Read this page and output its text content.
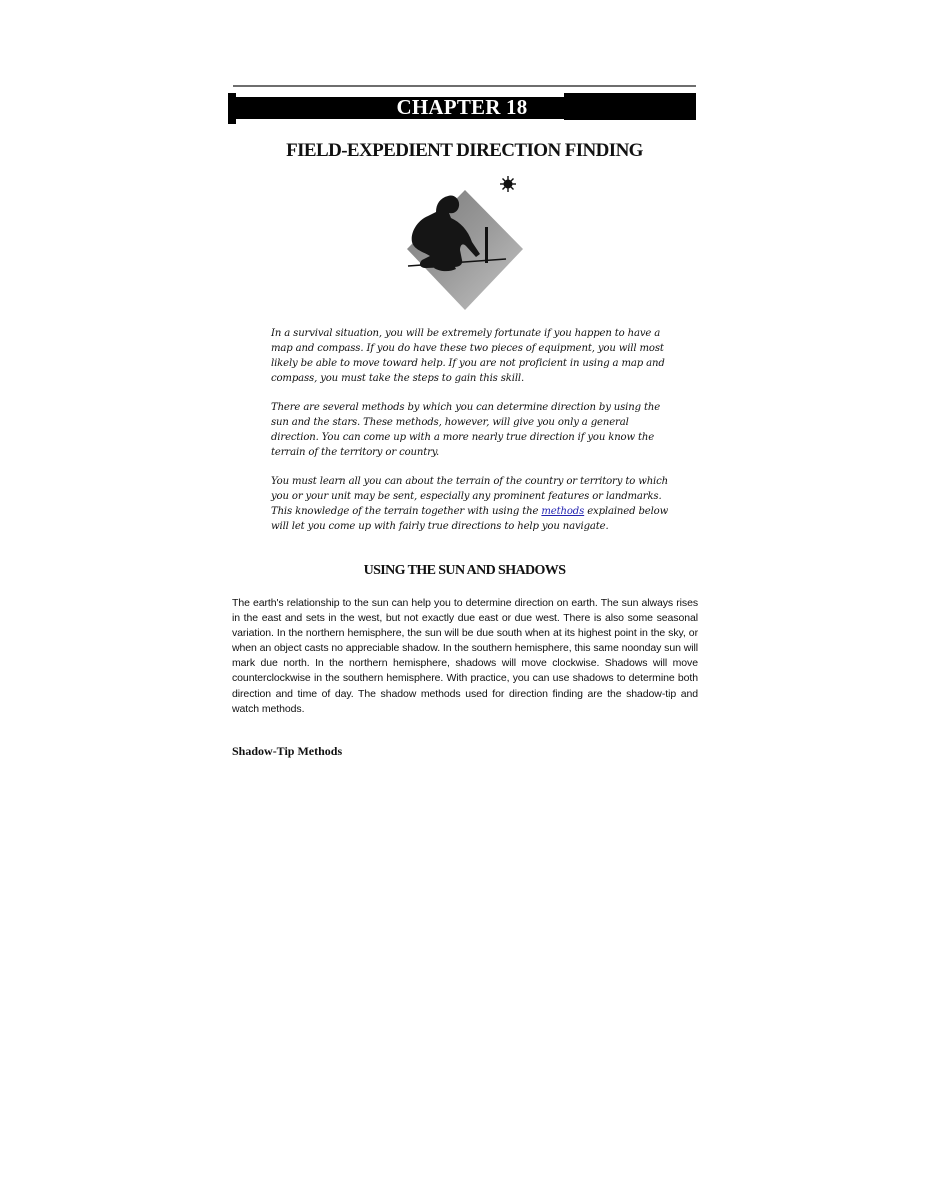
CHAPTER 18
FIELD-EXPEDIENT DIRECTION FINDING

In a survival situation, you will be extremely fortunate if you happen to have a map and compass. If you do have these two pieces of equipment, you will most likely be able to move toward help. If you are not proficient in using a map and compass, you must take the steps to gain this skill.

There are several methods by which you can determine direction by using the sun and the stars. These methods, however, will give you only a general direction. You can come up with a more nearly true direction if you know the terrain of the territory or country.

You must learn all you can about the terrain of the country or territory to which you or your unit may be sent, especially any prominent features or landmarks. This knowledge of the terrain together with using the methods explained below will let you come up with fairly true directions to help you navigate.

USING THE SUN AND SHADOWS

The earth's relationship to the sun can help you to determine direction on earth. The sun always rises in the east and sets in the west, but not exactly due east or due west. There is also some seasonal variation. In the northern hemisphere, the sun will be due south when at its highest point in the sky, or when an object casts no appreciable shadow. In the southern hemisphere, this same noonday sun will mark due north. In the northern hemisphere, shadows will move clockwise. Shadows will move counterclockwise in the southern hemisphere. With practice, you can use shadows to determine both direction and time of day. The shadow methods used for direction finding are the shadow-tip and watch methods.

Shadow-Tip Methods
